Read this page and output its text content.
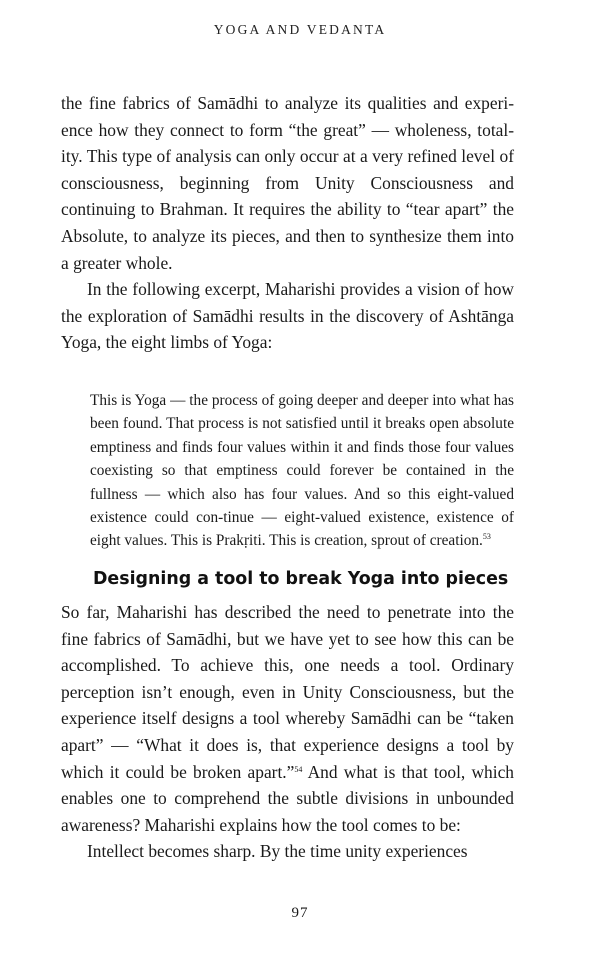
YOGA AND VEDANTA

the fine fabrics of Samādhi to analyze its qualities and experi-ence how they connect to form “the great” — wholeness, total-ity. This type of analysis can only occur at a very refined level of consciousness, beginning from Unity Consciousness and continuing to Brahman. It requires the ability to “tear apart” the Absolute, to analyze its pieces, and then to synthesize them into a greater whole.

In the following excerpt, Maharishi provides a vision of how the exploration of Samādhi results in the discovery of Ashtānga Yoga, the eight limbs of Yoga:

This is Yoga — the process of going deeper and deeper into what has been found. That process is not satisfied until it breaks open absolute emptiness and finds four values within it and finds those four values coexisting so that emptiness could forever be contained in the fullness — which also has four values. And so this eight-valued existence could con-tinue — eight-valued existence, existence of eight values. This is Prakṛiti. This is creation, sprout of creation.$^{53}$

Designing a tool to break Yoga into pieces

So far, Maharishi has described the need to penetrate into the fine fabrics of Samādhi, but we have yet to see how this can be accomplished. To achieve this, one needs a tool. Ordinary perception isn’t enough, even in Unity Consciousness, but the experience itself designs a tool whereby Samādhi can be “taken apart” — “What it does is, that experience designs a tool by which it could be broken apart.”$^{54}$ And what is that tool, which enables one to comprehend the subtle divisions in unbounded awareness? Maharishi explains how the tool comes to be:

Intellect becomes sharp. By the time unity experiences

97
